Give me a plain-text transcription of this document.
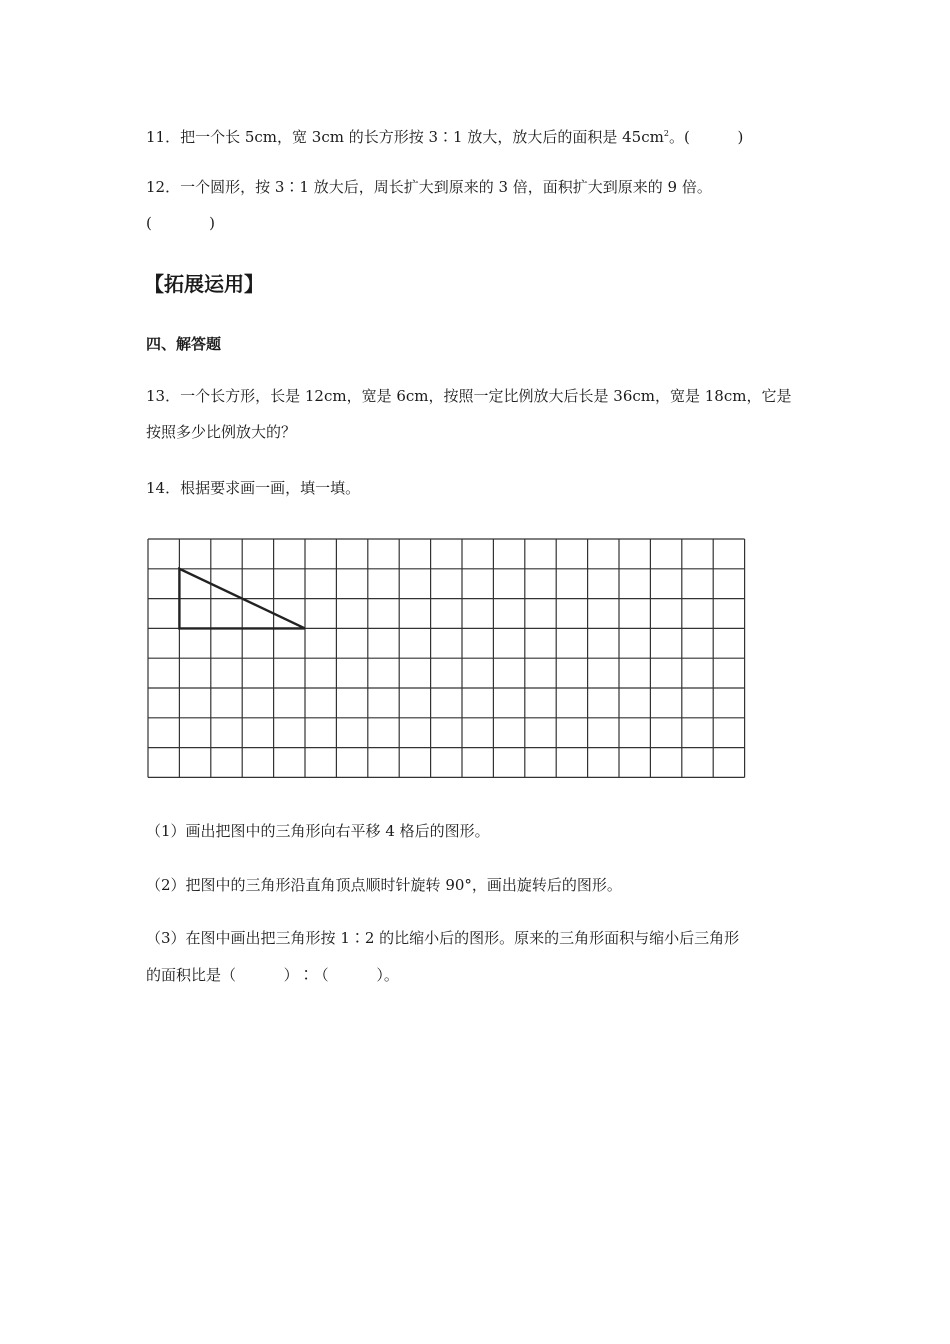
11．把一个长 5cm，宽 3cm 的长方形按 3∶1 放大，放大后的面积是 $45cm^2$。(          )
12．一个圆形，按 3∶1 放大后，周长扩大到原来的 3 倍，面积扩大到原来的 9 倍。
(            )
【拓展运用】
四、解答题
13．一个长方形，长是 12cm，宽是 6cm，按照一定比例放大后长是 36cm，宽是 18cm，它是
按照多少比例放大的？
14．根据要求画一画，填一填。
（1）画出把图中的三角形向右平移 4 格后的图形。
（2）把图中的三角形沿直角顶点顺时针旋转 90°，画出旋转后的图形。
（3）在图中画出把三角形按 1∶2 的比缩小后的图形。原来的三角形面积与缩小后三角形
的面积比是（          ）∶（          ）。
